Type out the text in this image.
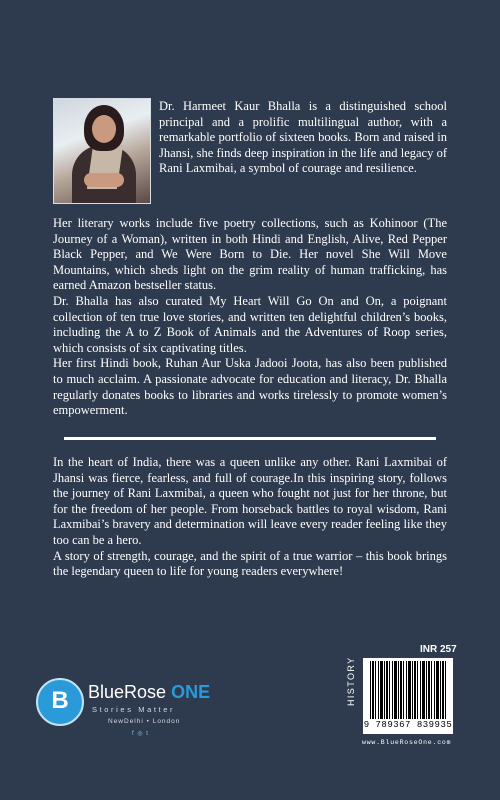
Dr. Harmeet Kaur Bhalla is a distinguished school principal and a prolific multilingual author, with a remarkable portfolio of sixteen books. Born and raised in Jhansi, she finds deep inspiration in the life and legacy of Rani Laxmibai, a symbol of courage and resilience.

Her literary works include five poetry collections, such as Kohinoor (The Journey of a Woman), written in both Hindi and English, Alive, Red Pepper Black Pepper, and We Were Born to Die. Her novel She Will Move Mountains, which sheds light on the grim reality of human trafficking, has earned Amazon bestseller status.
Dr. Bhalla has also curated My Heart Will Go On and On, a poignant collection of ten true love stories, and written ten delightful children’s books, including the A to Z Book of Animals and the Adventures of Roop series, which consists of six captivating titles.
Her first Hindi book, Ruhan Aur Uska Jadooi Joota, has also been published to much acclaim. A passionate advocate for education and literacy, Dr. Bhalla regularly donates books to libraries and works tirelessly to promote women’s empowerment.
In the heart of India, there was a queen unlike any other. Rani Laxmibai of Jhansi was fierce, fearless, and full of courage.In this inspiring story, follows the journey of Rani Laxmibai, a queen who fought not just for her throne, but for the freedom of her people. From horseback battles to royal wisdom, Rani Laxmibai’s bravery and determination will leave every reader feeling like they too can be a hero.
A story of strength, courage, and the spirit of a true warrior – this book brings the legendary queen to life for young readers everywhere!
B	BlueRose ONE
Stories Matter
NewDelhi • London
f ◎ t
HISTORY
INR 257
9 789367 839935
www.BlueRoseOne.com
